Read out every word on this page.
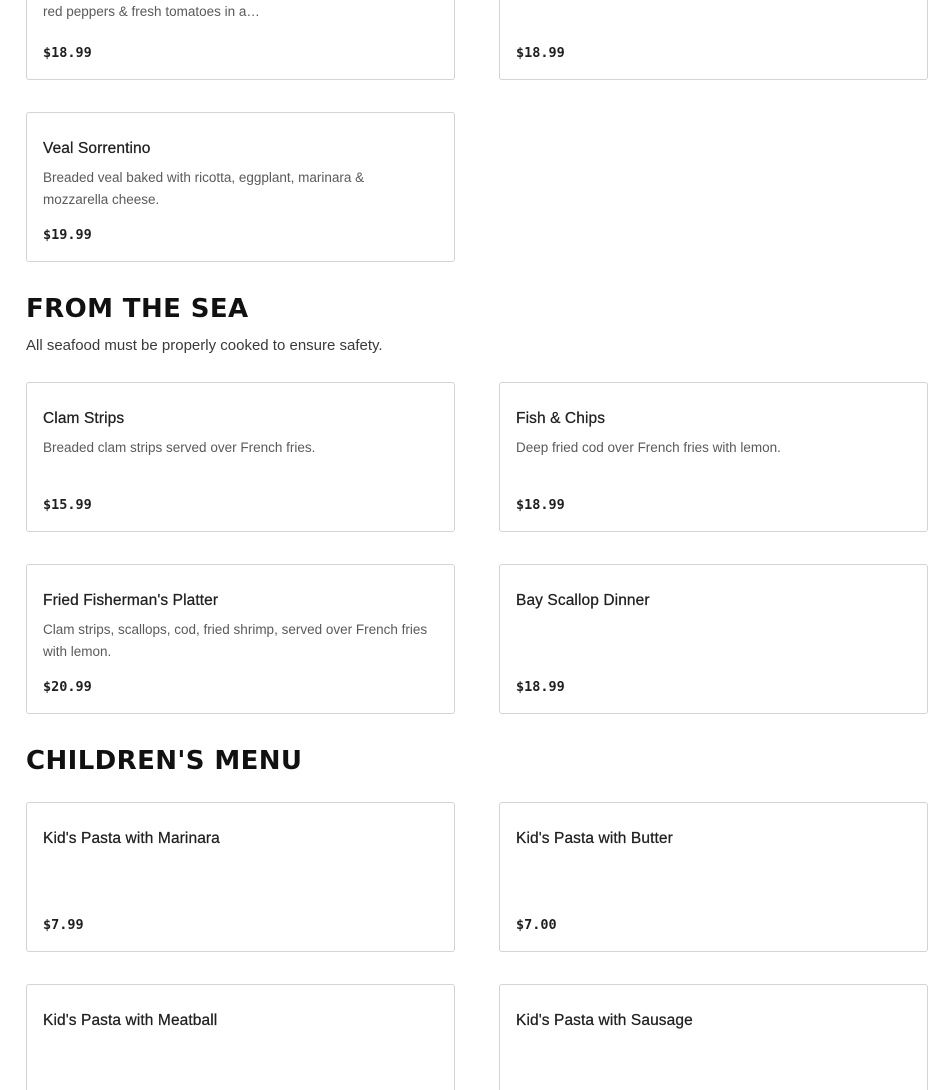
red peppers & fresh tomatoes in a…
$18.99	$18.99
Veal Sorrentino
Breaded veal baked with ricotta, eggplant, marinara & mozzarella cheese.
$19.99
FROM THE SEA
All seafood must be properly cooked to ensure safety.
Clam Strips
Breaded clam strips served over French fries.
$15.99
Fish & Chips
Deep fried cod over French fries with lemon.
$18.99
Fried Fisherman's Platter
Clam strips, scallops, cod, fried shrimp, served over French fries with lemon.
$20.99
Bay Scallop Dinner
$18.99
CHILDREN'S MENU
Kid's Pasta with Marinara
$7.99
Kid's Pasta with Butter
$7.00
Kid's Pasta with Meatball	Kid's Pasta with Sausage
